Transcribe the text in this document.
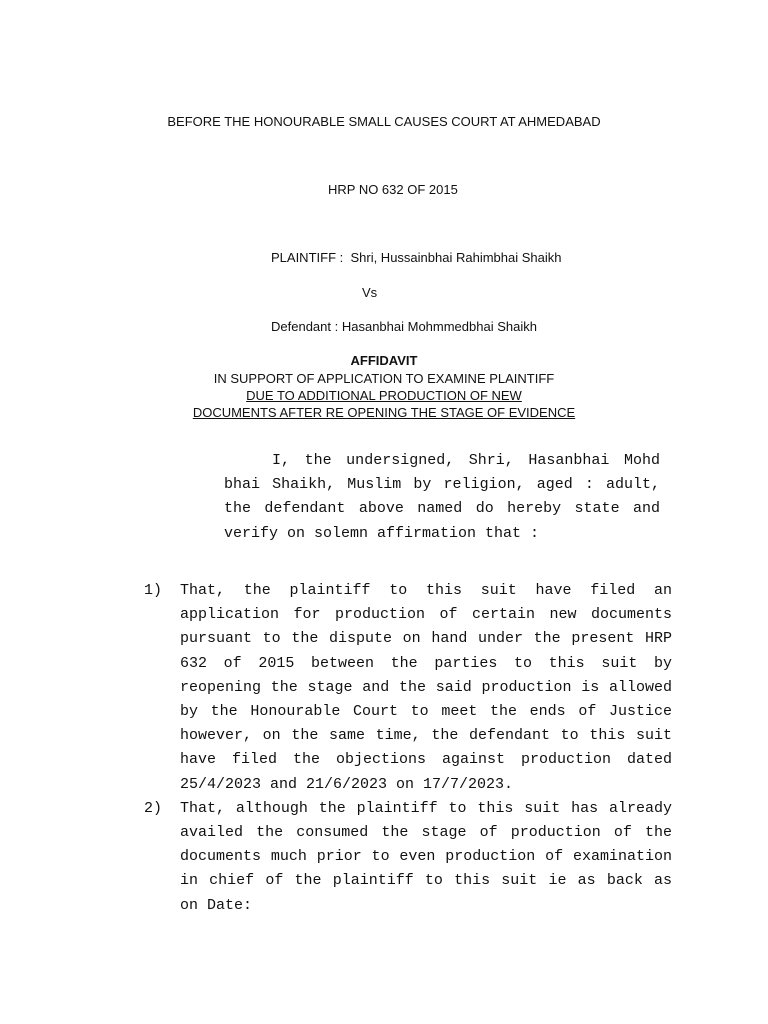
BEFORE THE HONOURABLE SMALL CAUSES COURT AT AHMEDABAD
HRP NO 632 OF 2015
PLAINTIFF : Shri, Hussainbhai Rahimbhai Shaikh
Vs
Defendant : Hasanbhai Mohmmedbhai Shaikh
AFFIDAVIT
IN SUPPORT OF APPLICATION TO EXAMINE PLAINTIFF
DUE TO ADDITIONAL PRODUCTION OF NEW
DOCUMENTS AFTER RE OPENING THE STAGE OF EVIDENCE
I, the undersigned, Shri, Hasanbhai Mohd bhai Shaikh, Muslim by religion, aged : adult, the defendant above named do hereby state and verify on solemn affirmation that :
1) That, the plaintiff to this suit have filed an application for production of certain new documents pursuant to the dispute on hand under the present HRP 632 of 2015 between the parties to this suit by reopening the stage and the said production is allowed by the Honourable Court to meet the ends of Justice however, on the same time, the defendant to this suit have filed the objections against production dated 25/4/2023 and 21/6/2023 on 17/7/2023.
2) That, although the plaintiff to this suit has already availed the consumed the stage of production of the documents much prior to even production of examination in chief of the plaintiff to this suit ie as back as on Date:
